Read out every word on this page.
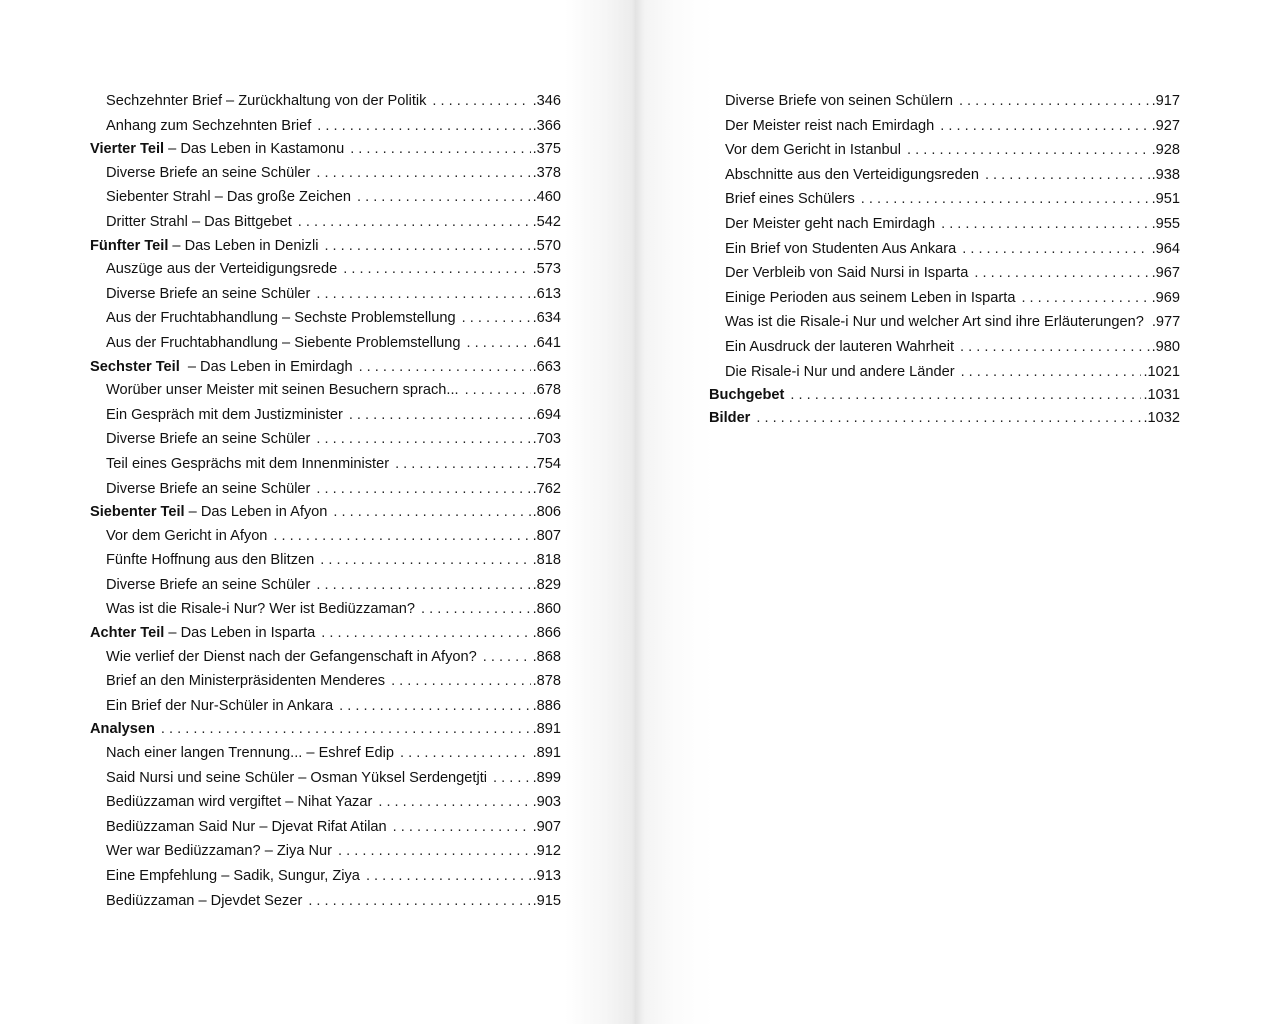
Sechzehnter Brief – Zurückhaltung von der Politik . . .	.346
Anhang zum Sechzehnten Brief . . .	.366
Vierter Teil – Das Leben in Kastamonu . . .	.375
Diverse Briefe an seine Schüler . . .	.378
Siebenter Strahl – Das große Zeichen . . .	.460
Dritter Strahl – Das Bittgebet . . .	.542
Fünfter Teil – Das Leben in Denizli . . .	.570
Auszüge aus der Verteidigungsrede . . .	.573
Diverse Briefe an seine Schüler . . .	.613
Aus der Fruchtabhandlung – Sechste Problemstellung . . .	.634
Aus der Fruchtabhandlung – Siebente Problemstellung . . .	.641
Sechster Teil  – Das Leben in Emirdagh . . .	.663
Worüber unser Meister mit seinen Besuchern sprach... . . .	.678
Ein Gespräch mit dem Justizminister . . .	.694
Diverse Briefe an seine Schüler . . .	.703
Teil eines Gesprächs mit dem Innenminister . . .	.754
Diverse Briefe an seine Schüler . . .	.762
Siebenter Teil – Das Leben in Afyon . . .	.806
Vor dem Gericht in Afyon . . .	.807
Fünfte Hoffnung aus den Blitzen . . .	.818
Diverse Briefe an seine Schüler . . .	.829
Was ist die Risale-i Nur? Wer ist Bediüzzaman? . . .	.860
Achter Teil – Das Leben in Isparta . . .	.866
Wie verlief der Dienst nach der Gefangenschaft in Afyon? . . .	.868
Brief an den Ministerpräsidenten Menderes . . .	.878
Ein Brief der Nur-Schüler in Ankara . . .	.886
Analysen . . .	.891
Nach einer langen Trennung... – Eshref Edip . . .	.891
Said Nursi und seine Schüler – Osman Yüksel Serdengetjti . . .	.899
Bediüzzaman wird vergiftet – Nihat Yazar . . .	.903
Bediüzzaman Said Nur – Djevat Rifat Atilan . . .	.907
Wer war Bediüzzaman? – Ziya Nur . . .	.912
Eine Empfehlung – Sadik, Sungur, Ziya . . .	.913
Bediüzzaman – Djevdet Sezer . . .	.915
Diverse Briefe von seinen Schülern . . .	.917
Der Meister reist nach Emirdagh . . .	.927
Vor dem Gericht in Istanbul . . .	.928
Abschnitte aus den Verteidigungsreden . . .	.938
Brief eines Schülers . . .	.951
Der Meister geht nach Emirdagh . . .	.955
Ein Brief von Studenten Aus Ankara . . .	.964
Der Verbleib von Said Nursi in Isparta . . .	.967
Einige Perioden aus seinem Leben in Isparta . . .	.969
Was ist die Risale-i Nur und welcher Art sind ihre Erläuterungen? .977
Ein Ausdruck der lauteren Wahrheit . . .	.980
Die Risale-i Nur und andere Länder . . .	.1021
Buchgebet . . .	.1031
Bilder . . .	.1032
